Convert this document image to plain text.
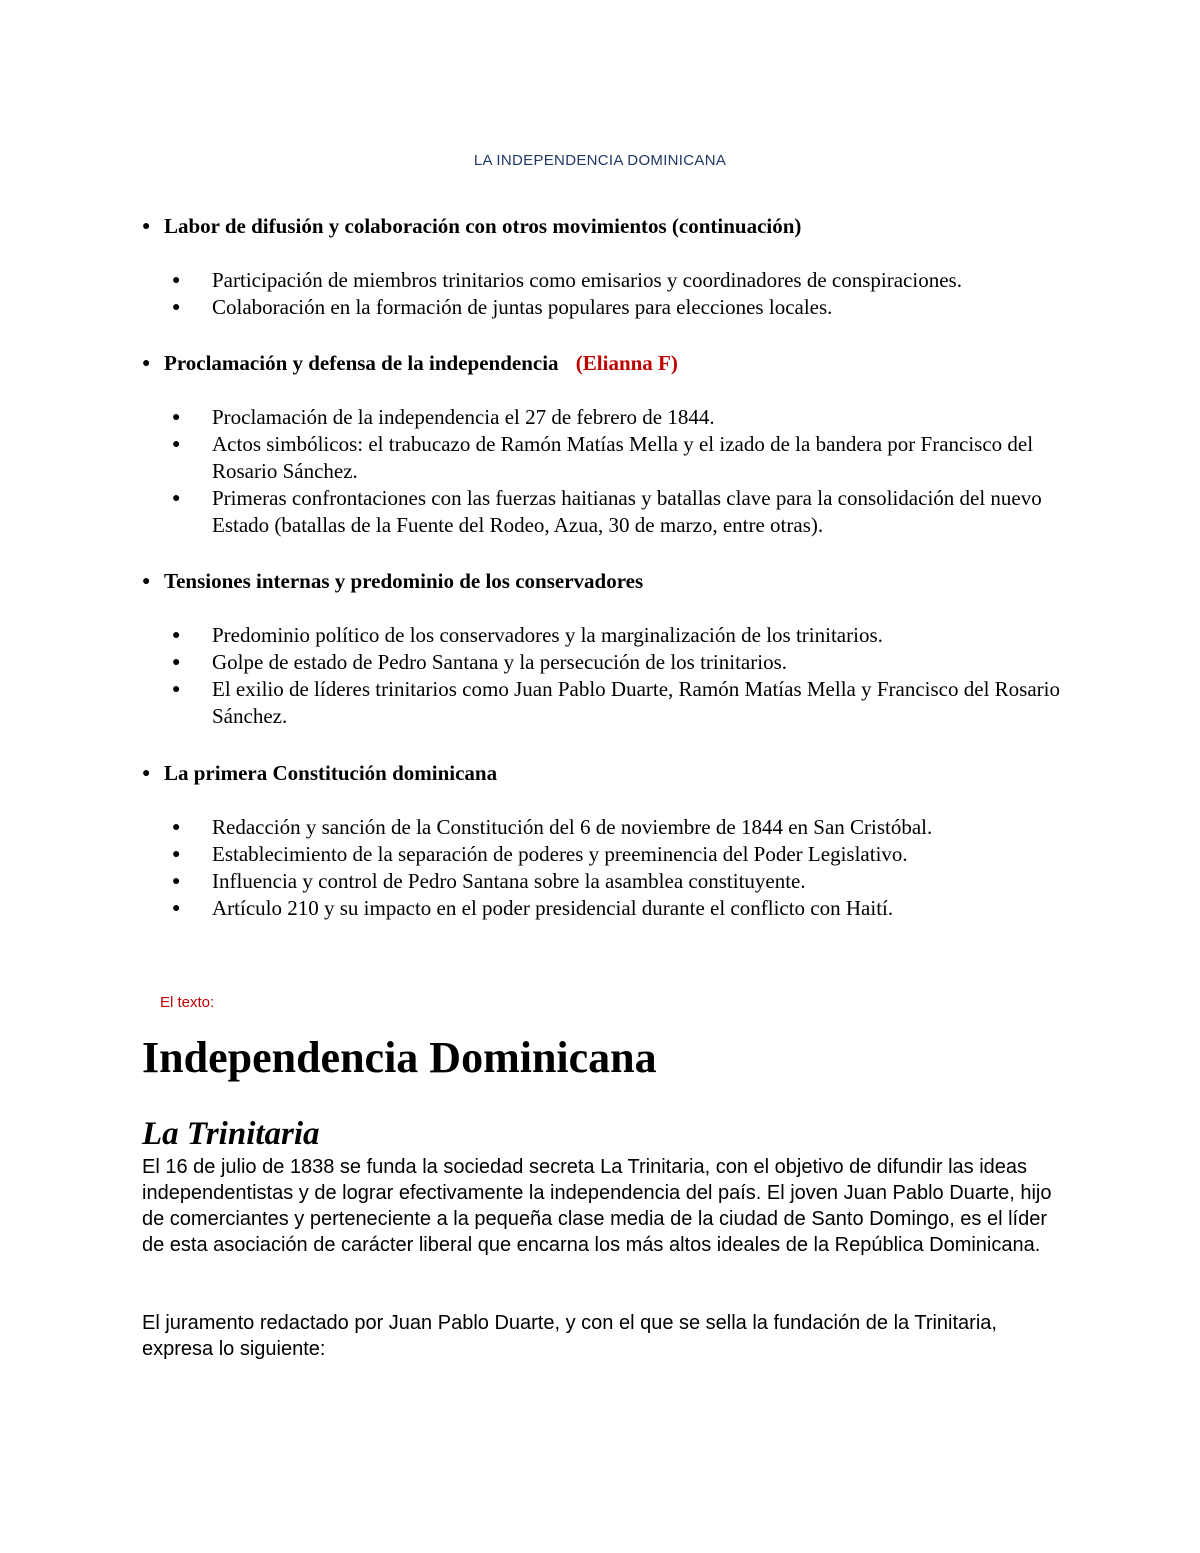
LA INDEPENDENCIA DOMINICANA
● Labor de difusión y colaboración con otros movimientos (continuación)
● Participación de miembros trinitarios como emisarios y coordinadores de conspiraciones.
● Colaboración en la formación de juntas populares para elecciones locales.
● Proclamación y defensa de la independencia (Elianna F)
● Proclamación de la independencia el 27 de febrero de 1844.
● Actos simbólicos: el trabucazo de Ramón Matías Mella y el izado de la bandera por Francisco del Rosario Sánchez.
● Primeras confrontaciones con las fuerzas haitianas y batallas clave para la consolidación del nuevo Estado (batallas de la Fuente del Rodeo, Azua, 30 de marzo, entre otras).
● Tensiones internas y predominio de los conservadores
● Predominio político de los conservadores y la marginalización de los trinitarios.
● Golpe de estado de Pedro Santana y la persecución de los trinitarios.
● El exilio de líderes trinitarios como Juan Pablo Duarte, Ramón Matías Mella y Francisco del Rosario Sánchez.
● La primera Constitución dominicana
● Redacción y sanción de la Constitución del 6 de noviembre de 1844 en San Cristóbal.
● Establecimiento de la separación de poderes y preeminencia del Poder Legislativo.
● Influencia y control de Pedro Santana sobre la asamblea constituyente.
● Artículo 210 y su impacto en el poder presidencial durante el conflicto con Haití.
El texto:
Independencia Dominicana
La Trinitaria

El 16 de julio de 1838 se funda la sociedad secreta La Trinitaria, con el objetivo de difundir las ideas independentistas y de lograr efectivamente la independencia del país. El joven Juan Pablo Duarte, hijo de comerciantes y perteneciente a la pequeña clase media de la ciudad de Santo Domingo, es el líder de esta asociación de carácter liberal que encarna los más altos ideales de la República Dominicana.

El juramento redactado por Juan Pablo Duarte, y con el que se sella la fundación de la Trinitaria, expresa lo siguiente:
